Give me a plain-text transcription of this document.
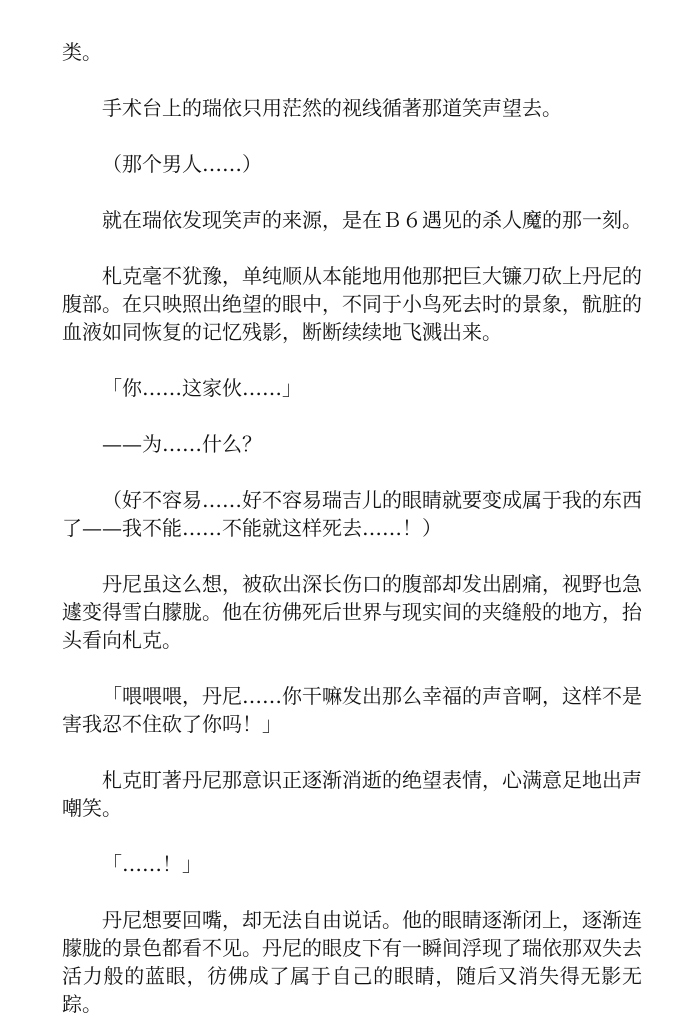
类。

手术台上的瑞依只用茫然的视线循著那道笑声望去。

（那个男人……）

就在瑞依发现笑声的来源，是在Ｂ６遇见的杀人魔的那一刻。

札克毫不犹豫，单纯顺从本能地用他那把巨大镰刀砍上丹尼的腹部。在只映照出绝望的眼中，不同于小鸟死去时的景象，骯脏的血液如同恢复的记忆残影，断断续续地飞溅出来。

「你……这家伙……」

——为……什么？

（好不容易……好不容易瑞吉儿的眼睛就要变成属于我的东西了——我不能……不能就这样死去……！）

丹尼虽这么想，被砍出深长伤口的腹部却发出剧痛，视野也急遽变得雪白朦胧。他在彷佛死后世界与现实间的夹缝般的地方，抬头看向札克。

「喂喂喂，丹尼……你干嘛发出那么幸福的声音啊，这样不是害我忍不住砍了你吗！」

札克盯著丹尼那意识正逐渐消逝的绝望表情，心满意足地出声嘲笑。

「……！」

丹尼想要回嘴，却无法自由说话。他的眼睛逐渐闭上，逐渐连朦胧的景色都看不见。丹尼的眼皮下有一瞬间浮现了瑞依那双失去活力般的蓝眼，彷佛成了属于自己的眼睛，随后又消失得无影无踪。
